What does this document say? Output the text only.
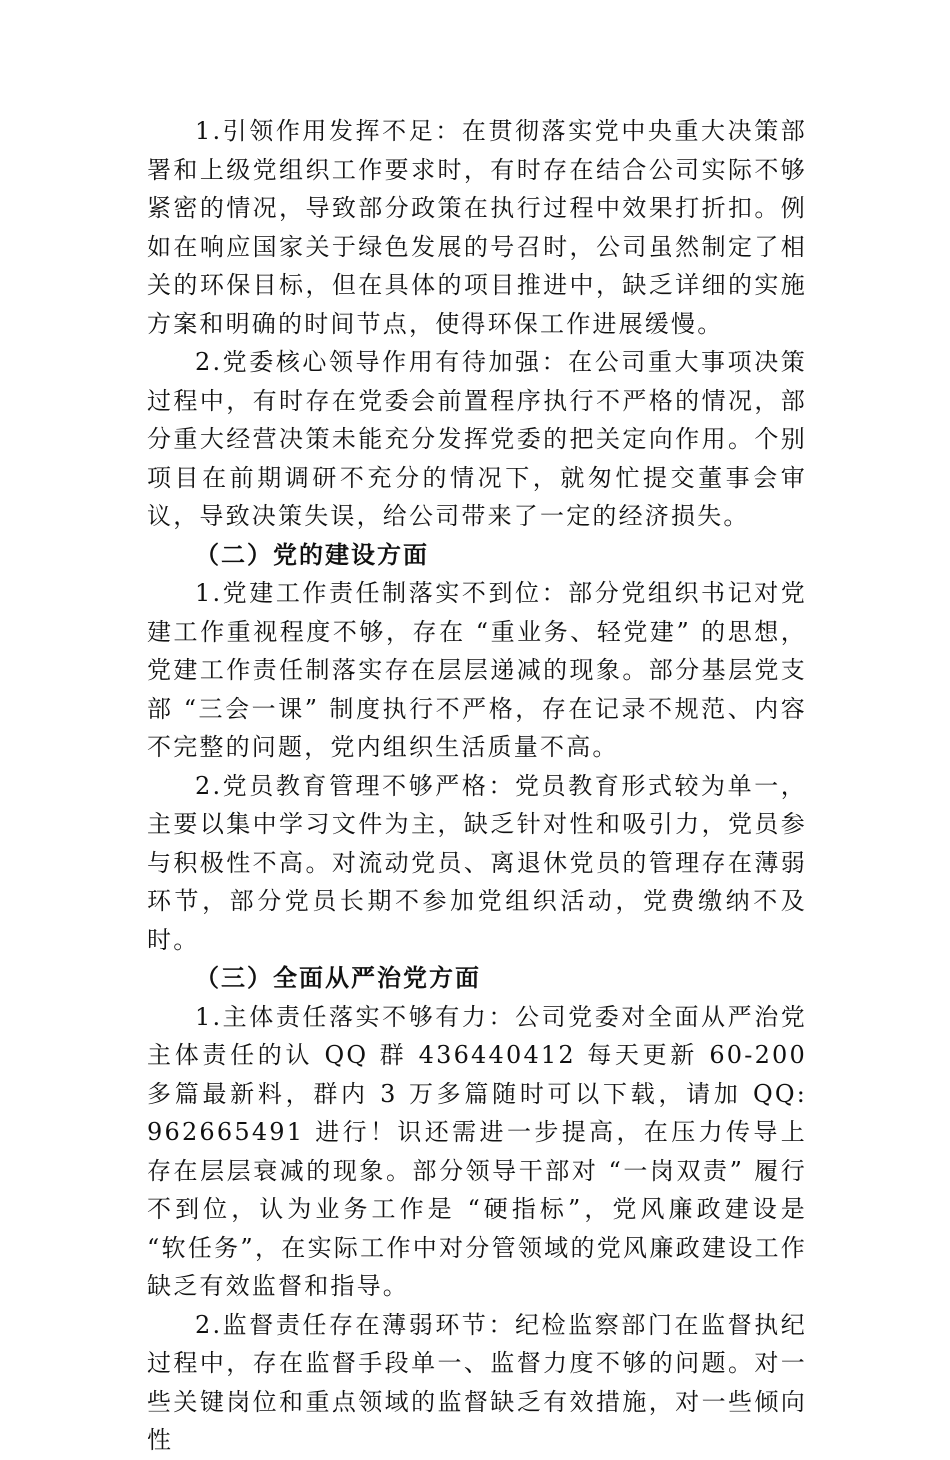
1.引领作用发挥不足：在贯彻落实党中央重大决策部署和上级党组织工作要求时，有时存在结合公司实际不够紧密的情况，导致部分政策在执行过程中效果打折扣。例如在响应国家关于绿色发展的号召时，公司虽然制定了相关的环保目标，但在具体的项目推进中，缺乏详细的实施方案和明确的时间节点，使得环保工作进展缓慢。

2.党委核心领导作用有待加强：在公司重大事项决策过程中，有时存在党委会前置程序执行不严格的情况，部分重大经营决策未能充分发挥党委的把关定向作用。个别项目在前期调研不充分的情况下，就匆忙提交董事会审议，导致决策失误，给公司带来了一定的经济损失。

（二）党的建设方面

1.党建工作责任制落实不到位：部分党组织书记对党建工作重视程度不够，存在 “重业务、轻党建” 的思想，党建工作责任制落实存在层层递减的现象。部分基层党支部 “三会一课” 制度执行不严格，存在记录不规范、内容不完整的问题，党内组织生活质量不高。

2.党员教育管理不够严格：党员教育形式较为单一，主要以集中学习文件为主，缺乏针对性和吸引力，党员参与积极性不高。对流动党员、离退休党员的管理存在薄弱环节，部分党员长期不参加党组织活动，党费缴纳不及时。

（三）全面从严治党方面

1.主体责任落实不够有力：公司党委对全面从严治党主体责任的认 QQ 群 436440412 每天更新 60-200 多篇最新料，群内 3 万多篇随时可以下载，请加 QQ: 962665491 进行！识还需进一步提高，在压力传导上存在层层衰减的现象。部分领导干部对 “一岗双责” 履行不到位，认为业务工作是 “硬指标”，党风廉政建设是 “软任务”，在实际工作中对分管领域的党风廉政建设工作缺乏有效监督和指导。

2.监督责任存在薄弱环节：纪检监察部门在监督执纪过程中，存在监督手段单一、监督力度不够的问题。对一些关键岗位和重点领域的监督缺乏有效措施，对一些倾向性
